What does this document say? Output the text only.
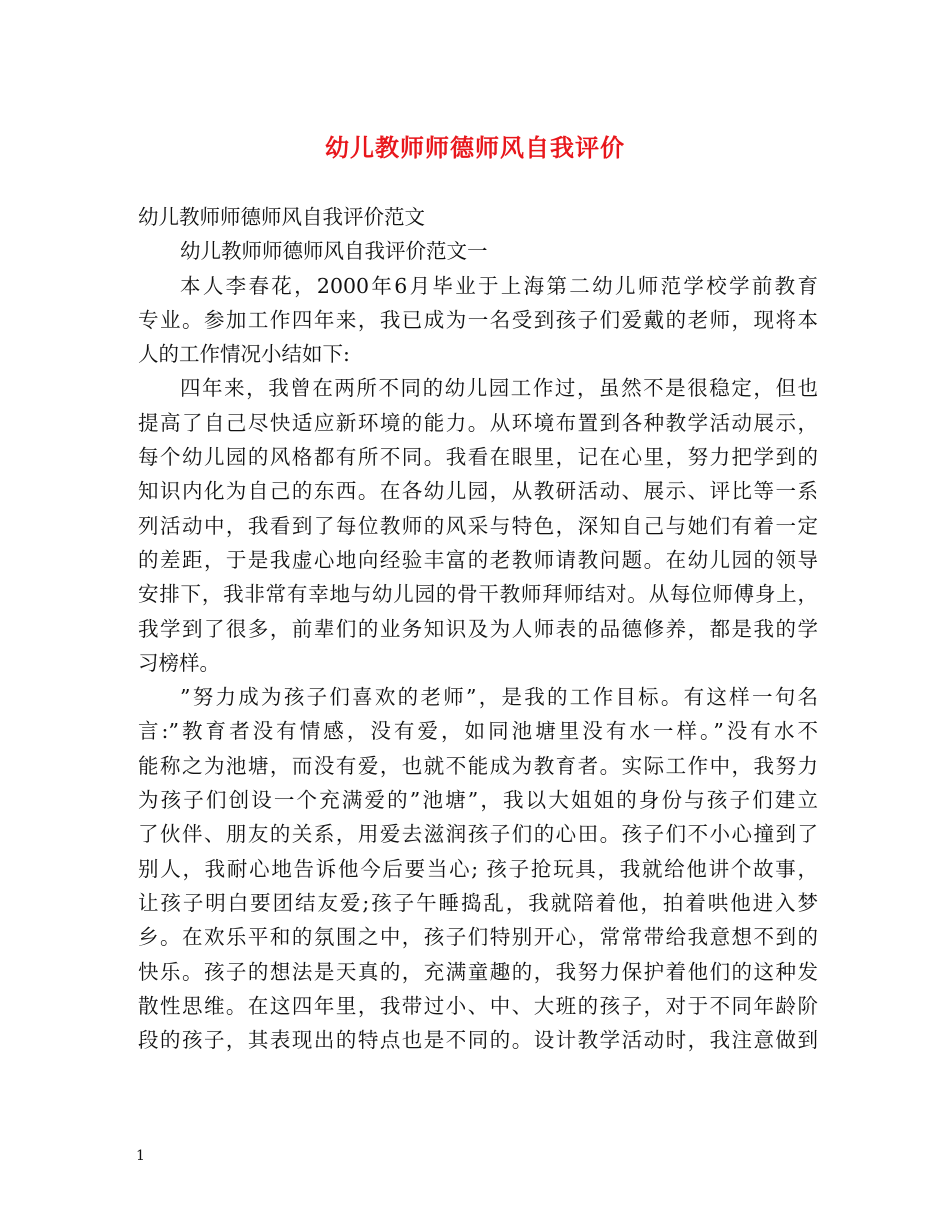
幼儿教师师德师风自我评价
幼儿教师师德师风自我评价范文
幼儿教师师德师风自我评价范文一
本人李春花，2000年6月毕业于上海第二幼儿师范学校学前教育
专业。参加工作四年来，我已成为一名受到孩子们爱戴的老师，现将本
人的工作情况小结如下:
四年来，我曾在两所不同的幼儿园工作过，虽然不是很稳定，但也
提高了自己尽快适应新环境的能力。从环境布置到各种教学活动展示，
每个幼儿园的风格都有所不同。我看在眼里，记在心里，努力把学到的
知识内化为自己的东西。在各幼儿园，从教研活动、展示、评比等一系
列活动中，我看到了每位教师的风采与特色，深知自己与她们有着一定
的差距，于是我虚心地向经验丰富的老教师请教问题。在幼儿园的领导
安排下，我非常有幸地与幼儿园的骨干教师拜师结对。从每位师傅身上，
我学到了很多，前辈们的业务知识及为人师表的品德修养，都是我的学
习榜样。
”努力成为孩子们喜欢的老师”，是我的工作目标。有这样一句名
言:”教育者没有情感，没有爱，如同池塘里没有水一样。”没有水不
能称之为池塘，而没有爱，也就不能成为教育者。实际工作中，我努力
为孩子们创设一个充满爱的”池塘”，我以大姐姐的身份与孩子们建立
了伙伴、朋友的关系，用爱去滋润孩子们的心田。孩子们不小心撞到了
别人，我耐心地告诉他今后要当心; 孩子抢玩具，我就给他讲个故事，
让孩子明白要团结友爱;孩子午睡捣乱，我就陪着他，拍着哄他进入梦
乡。在欢乐平和的氛围之中，孩子们特别开心，常常带给我意想不到的
快乐。孩子的想法是天真的，充满童趣的，我努力保护着他们的这种发
散性思维。在这四年里，我带过小、中、大班的孩子，对于不同年龄阶
段的孩子，其表现出的特点也是不同的。设计教学活动时，我注意做到
1
